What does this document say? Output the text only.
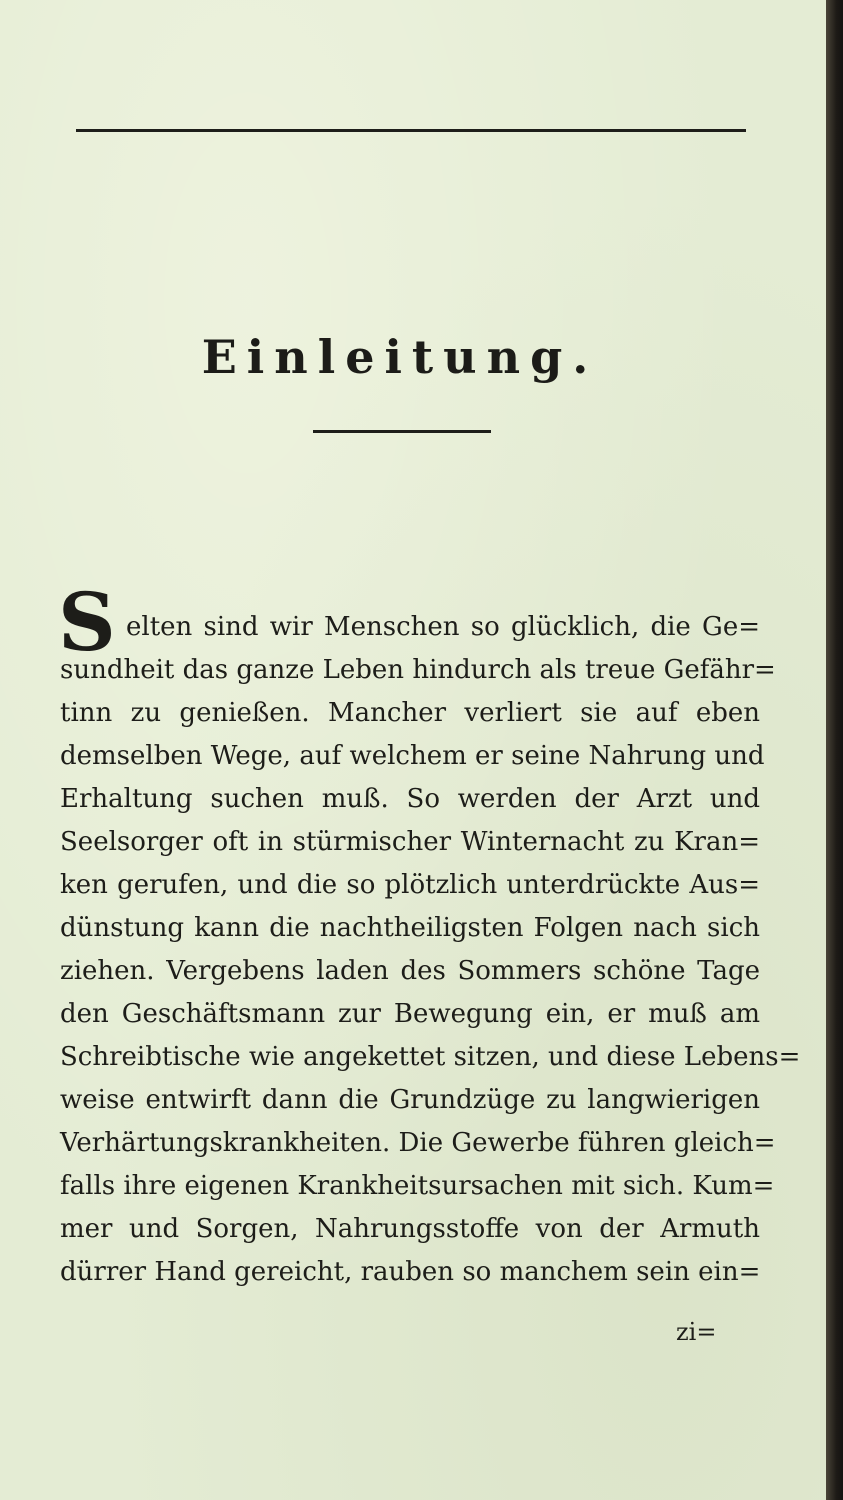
Einleitung.
S elten sind wir Menschen so glücklich, die Ge=
sundheit das ganze Leben hindurch als treue Gefähr=
tinn zu genießen. Mancher verliert sie auf eben
demselben Wege, auf welchem er seine Nahrung und
Erhaltung suchen muß. So werden der Arzt und
Seelsorger oft in stürmischer Winternacht zu Kran=
ken gerufen, und die so plötzlich unterdrückte Aus=
dünstung kann die nachtheiligsten Folgen nach sich
ziehen. Vergebens laden des Sommers schöne Tage
den Geschäftsmann zur Bewegung ein, er muß am
Schreibtische wie angekettet sitzen, und diese Lebens=
weise entwirft dann die Grundzüge zu langwierigen
Verhärtungskrankheiten. Die Gewerbe führen gleich=
falls ihre eigenen Krankheitsursachen mit sich. Kum=
mer und Sorgen, Nahrungsstoffe von der Armuth
dürrer Hand gereicht, rauben so manchem sein ein=
zi=
